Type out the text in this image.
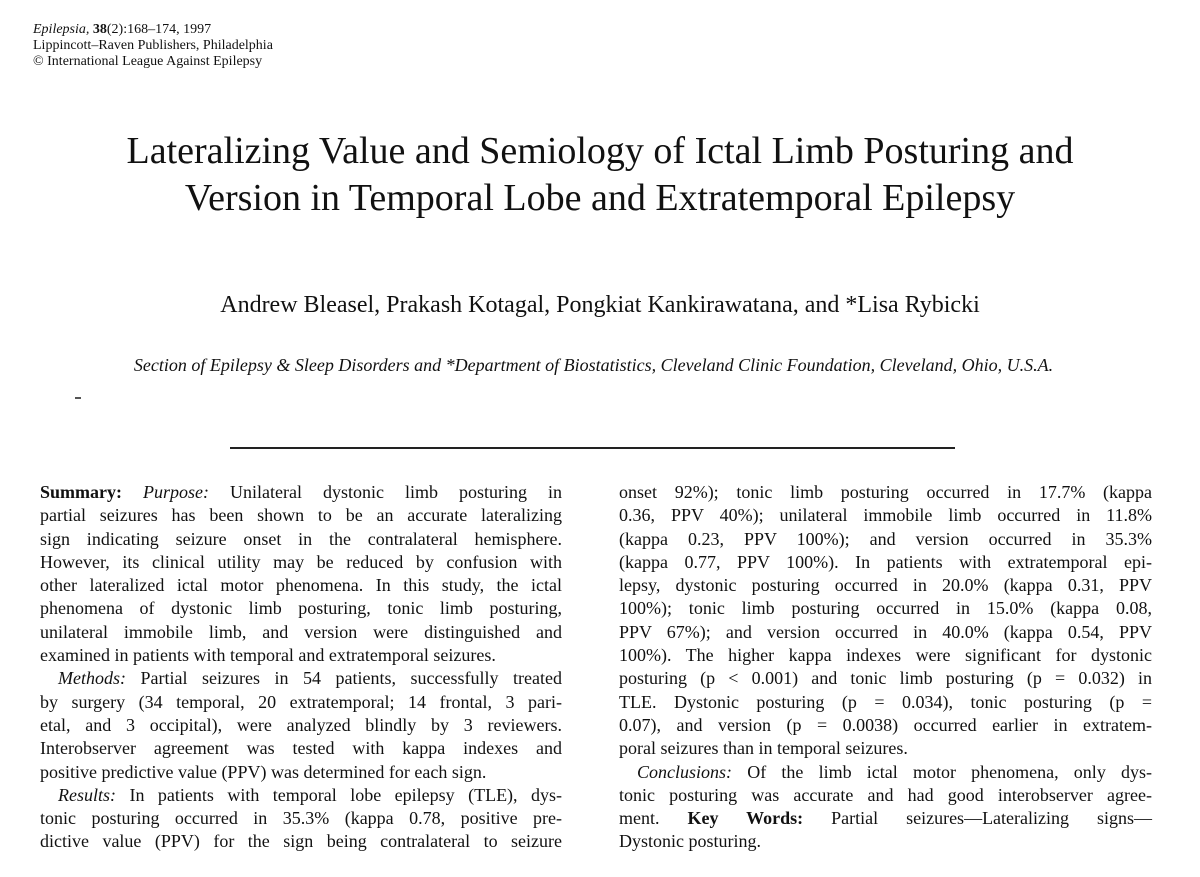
Epilepsia, 38(2):168–174, 1997
Lippincott–Raven Publishers, Philadelphia
© International League Against Epilepsy
Lateralizing Value and Semiology of Ictal Limb Posturing and
Version in Temporal Lobe and Extratemporal Epilepsy
Andrew Bleasel, Prakash Kotagal, Pongkiat Kankirawatana, and *Lisa Rybicki
Section of Epilepsy & Sleep Disorders and *Department of Biostatistics, Cleveland Clinic Foundation, Cleveland, Ohio, U.S.A.
Summary: Purpose: Unilateral dystonic limb posturing in
partial seizures has been shown to be an accurate lateralizing
sign indicating seizure onset in the contralateral hemisphere.
However, its clinical utility may be reduced by confusion with
other lateralized ictal motor phenomena. In this study, the ictal
phenomena of dystonic limb posturing, tonic limb posturing,
unilateral immobile limb, and version were distinguished and
examined in patients with temporal and extratemporal seizures.
Methods: Partial seizures in 54 patients, successfully treated
by surgery (34 temporal, 20 extratemporal; 14 frontal, 3 pari-
etal, and 3 occipital), were analyzed blindly by 3 reviewers.
Interobserver agreement was tested with kappa indexes and
positive predictive value (PPV) was determined for each sign.
Results: In patients with temporal lobe epilepsy (TLE), dys-
tonic posturing occurred in 35.3% (kappa 0.78, positive pre-
dictive value (PPV) for the sign being contralateral to seizure
onset 92%); tonic limb posturing occurred in 17.7% (kappa
0.36, PPV 40%); unilateral immobile limb occurred in 11.8%
(kappa 0.23, PPV 100%); and version occurred in 35.3%
(kappa 0.77, PPV 100%). In patients with extratemporal epi-
lepsy, dystonic posturing occurred in 20.0% (kappa 0.31, PPV
100%); tonic limb posturing occurred in 15.0% (kappa 0.08,
PPV 67%); and version occurred in 40.0% (kappa 0.54, PPV
100%). The higher kappa indexes were significant for dystonic
posturing (p < 0.001) and tonic limb posturing (p = 0.032) in
TLE. Dystonic posturing (p = 0.034), tonic posturing (p =
0.07), and version (p = 0.0038) occurred earlier in extratem-
poral seizures than in temporal seizures.
Conclusions: Of the limb ictal motor phenomena, only dys-
tonic posturing was accurate and had good interobserver agree-
ment. Key Words: Partial seizures—Lateralizing signs—
Dystonic posturing.
